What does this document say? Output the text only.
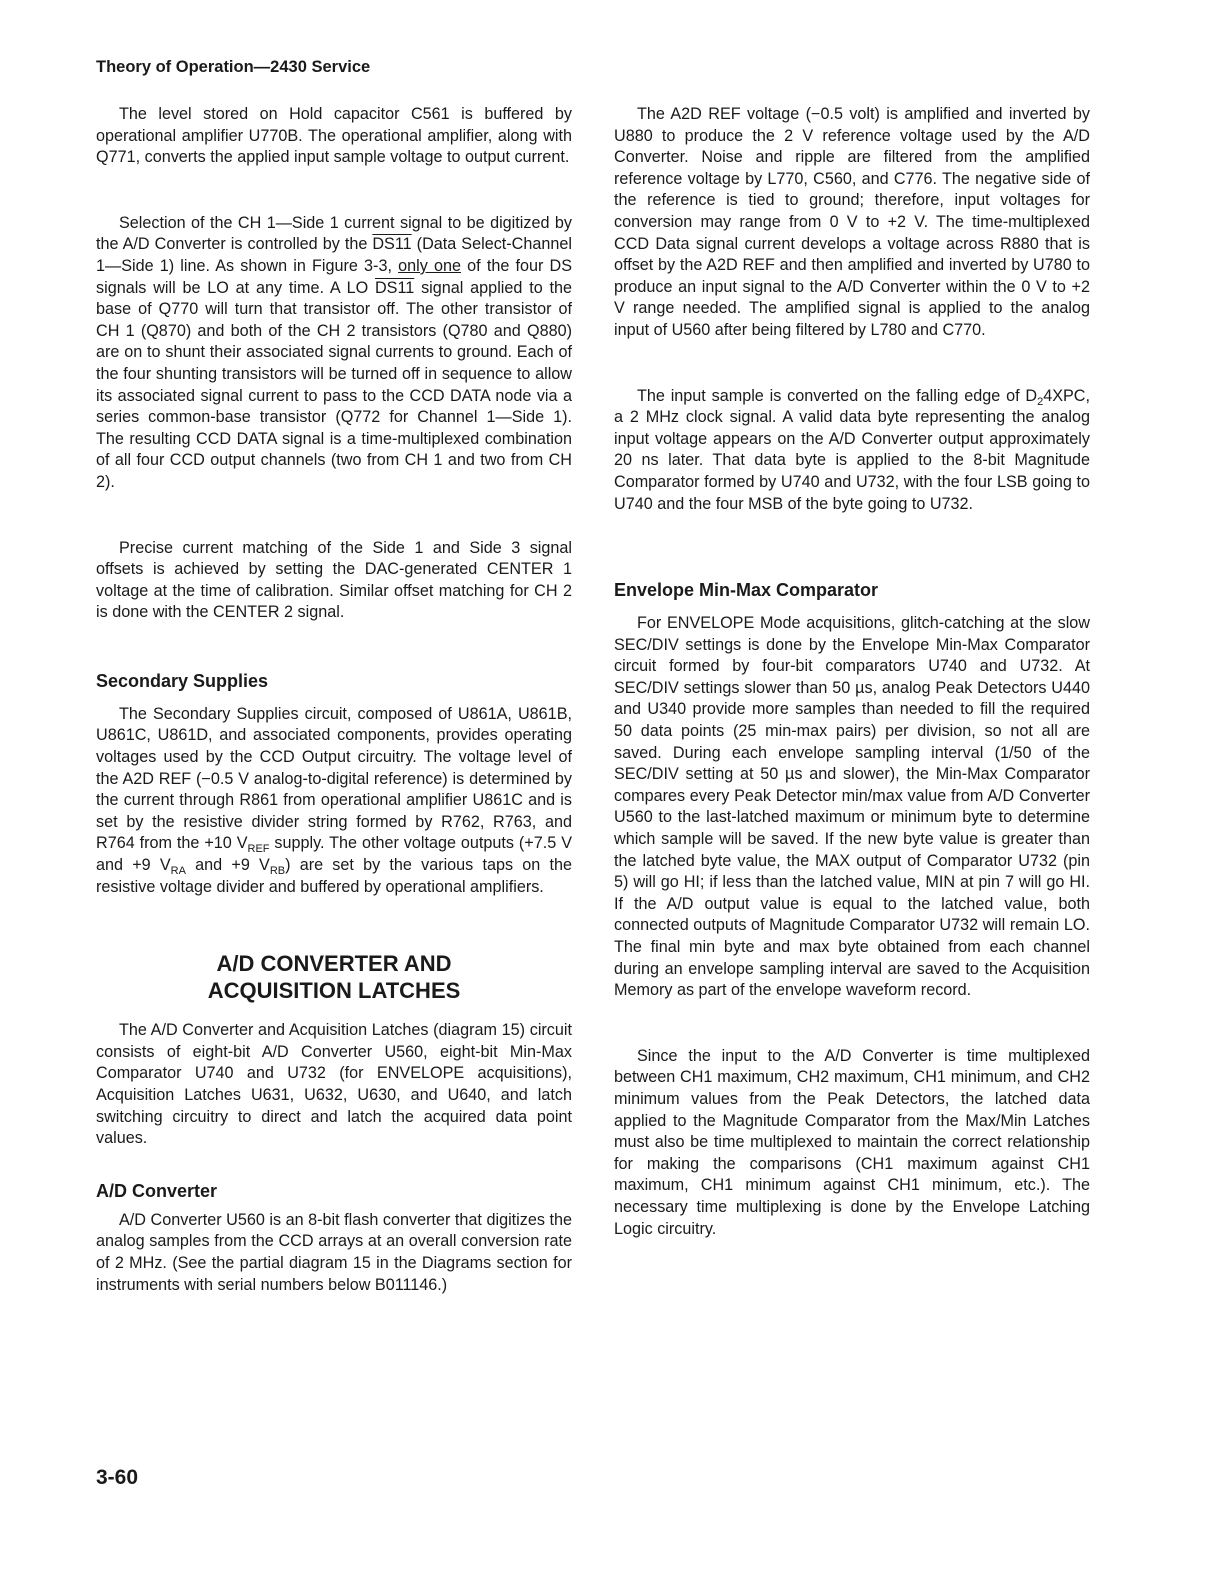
Theory of Operation—2430 Service

The level stored on Hold capacitor C561 is buffered by operational amplifier U770B. The operational amplifier, along with Q771, converts the applied input sample voltage to output current.

Selection of the CH 1—Side 1 current signal to be digitized by the A/D Converter is controlled by the DS11 (Data Select-Channel 1—Side 1) line. As shown in Figure 3-3, only one of the four DS signals will be LO at any time. A LO DS11 signal applied to the base of Q770 will turn that transistor off. The other transistor of CH 1 (Q870) and both of the CH 2 transistors (Q780 and Q880) are on to shunt their associated signal currents to ground. Each of the four shunting transistors will be turned off in sequence to allow its associated signal current to pass to the CCD DATA node via a series common-base transistor (Q772 for Channel 1—Side 1). The resulting CCD DATA signal is a time-multiplexed combination of all four CCD output channels (two from CH 1 and two from CH 2).

Precise current matching of the Side 1 and Side 3 signal offsets is achieved by setting the DAC-generated CENTER 1 voltage at the time of calibration. Similar offset matching for CH 2 is done with the CENTER 2 signal.

Secondary Supplies

The Secondary Supplies circuit, composed of U861A, U861B, U861C, U861D, and associated components, provides operating voltages used by the CCD Output circuitry. The voltage level of the A2D REF (−0.5 V analog-to-digital reference) is determined by the current through R861 from operational amplifier U861C and is set by the resistive divider string formed by R762, R763, and R764 from the +10 $V_{REF}$ supply. The other voltage outputs (+7.5 V and +9 $V_{RA}$ and +9 $V_{RB}$) are set by the various taps on the resistive voltage divider and buffered by operational amplifiers.

A/D CONVERTER AND
ACQUISITION LATCHES

The A/D Converter and Acquisition Latches (diagram 15) circuit consists of eight-bit A/D Converter U560, eight-bit Min-Max Comparator U740 and U732 (for ENVELOPE acquisitions), Acquisition Latches U631, U632, U630, and U640, and latch switching circuitry to direct and latch the acquired data point values.

A/D Converter

A/D Converter U560 is an 8-bit flash converter that digitizes the analog samples from the CCD arrays at an overall conversion rate of 2 MHz. (See the partial diagram 15 in the Diagrams section for instruments with serial numbers below B011146.)

The A2D REF voltage (−0.5 volt) is amplified and inverted by U880 to produce the 2 V reference voltage used by the A/D Converter. Noise and ripple are filtered from the amplified reference voltage by L770, C560, and C776. The negative side of the reference is tied to ground; therefore, input voltages for conversion may range from 0 V to +2 V. The time-multiplexed CCD Data signal current develops a voltage across R880 that is offset by the A2D REF and then amplified and inverted by U780 to produce an input signal to the A/D Converter within the 0 V to +2 V range needed. The amplified signal is applied to the analog input of U560 after being filtered by L780 and C770.

The input sample is converted on the falling edge of $D_24XPC$, a 2 MHz clock signal. A valid data byte representing the analog input voltage appears on the A/D Converter output approximately 20 ns later. That data byte is applied to the 8-bit Magnitude Comparator formed by U740 and U732, with the four LSB going to U740 and the four MSB of the byte going to U732.

Envelope Min-Max Comparator

For ENVELOPE Mode acquisitions, glitch-catching at the slow SEC/DIV settings is done by the Envelope Min-Max Comparator circuit formed by four-bit comparators U740 and U732. At SEC/DIV settings slower than 50 µs, analog Peak Detectors U440 and U340 provide more samples than needed to fill the required 50 data points (25 min-max pairs) per division, so not all are saved. During each envelope sampling interval (1/50 of the SEC/DIV setting at 50 µs and slower), the Min-Max Comparator compares every Peak Detector min/max value from A/D Converter U560 to the last-latched maximum or minimum byte to determine which sample will be saved. If the new byte value is greater than the latched byte value, the MAX output of Comparator U732 (pin 5) will go HI; if less than the latched value, MIN at pin 7 will go HI. If the A/D output value is equal to the latched value, both connected outputs of Magnitude Comparator U732 will remain LO. The final min byte and max byte obtained from each channel during an envelope sampling interval are saved to the Acquisition Memory as part of the envelope waveform record.

Since the input to the A/D Converter is time multiplexed between CH1 maximum, CH2 maximum, CH1 minimum, and CH2 minimum values from the Peak Detectors, the latched data applied to the Magnitude Comparator from the Max/Min Latches must also be time multiplexed to maintain the correct relationship for making the comparisons (CH1 maximum against CH1 maximum, CH1 minimum against CH1 minimum, etc.). The necessary time multiplexing is done by the Envelope Latching Logic circuitry.

3-60
